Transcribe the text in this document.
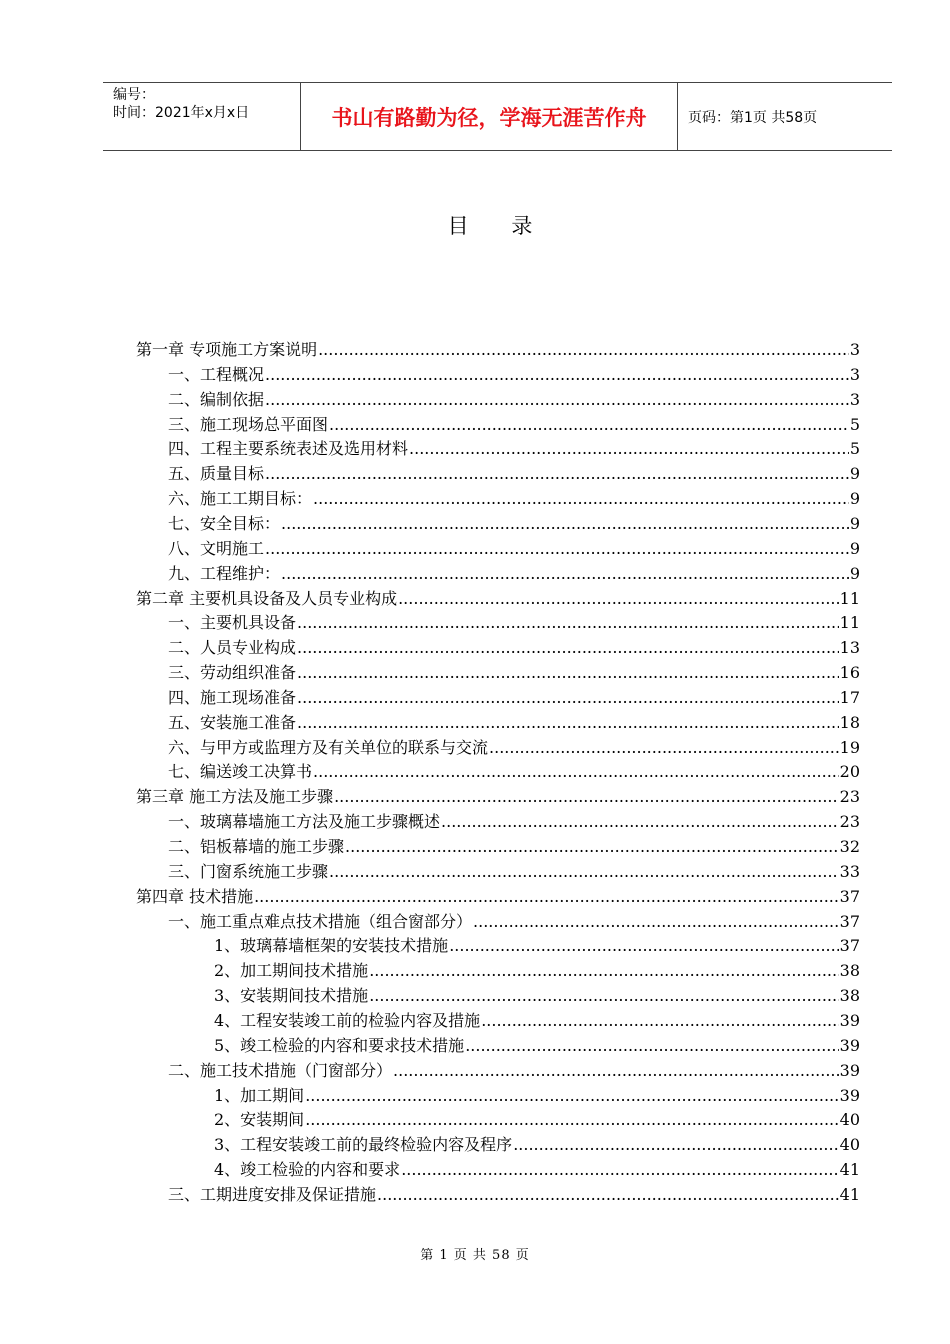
编号：
时间：2021年x月x日	书山有路勤为径，学海无涯苦作舟	页码：第1页 共58页
目 录
第一章 专项施工方案说明 .....	3
一、工程概况 .....	3
二、编制依据 .....	3
三、施工现场总平面图 .....	5
四、工程主要系统表述及选用材料 .....	5
五、质量目标 .....	9
六、施工工期目标： .....	9
七、安全目标： .....	9
八、文明施工 .....	9
九、工程维护： .....	9
第二章 主要机具设备及人员专业构成 .....	11
一、主要机具设备 .....	11
二、人员专业构成 .....	13
三、劳动组织准备 .....	16
四、施工现场准备 .....	17
五、安装施工准备 .....	18
六、与甲方或监理方及有关单位的联系与交流 .....	19
七、编送竣工决算书 .....	20
第三章 施工方法及施工步骤 .....	23
一、玻璃幕墙施工方法及施工步骤概述 .....	23
二、铝板幕墙的施工步骤 .....	32
三、门窗系统施工步骤 .....	33
第四章 技术措施 .....	37
一、施工重点难点技术措施（组合窗部分） .....	37
1、玻璃幕墙框架的安装技术措施 .....	37
2、加工期间技术措施 .....	38
3、安装期间技术措施 .....	38
4、工程安装竣工前的检验内容及措施 .....	39
5、竣工检验的内容和要求技术措施 .....	39
二、施工技术措施（门窗部分） .....	39
1、加工期间 .....	39
2、安装期间 .....	40
3、工程安装竣工前的最终检验内容及程序 .....	40
4、竣工检验的内容和要求 .....	41
三、工期进度安排及保证措施 .....	41
第 1 页 共 58 页
